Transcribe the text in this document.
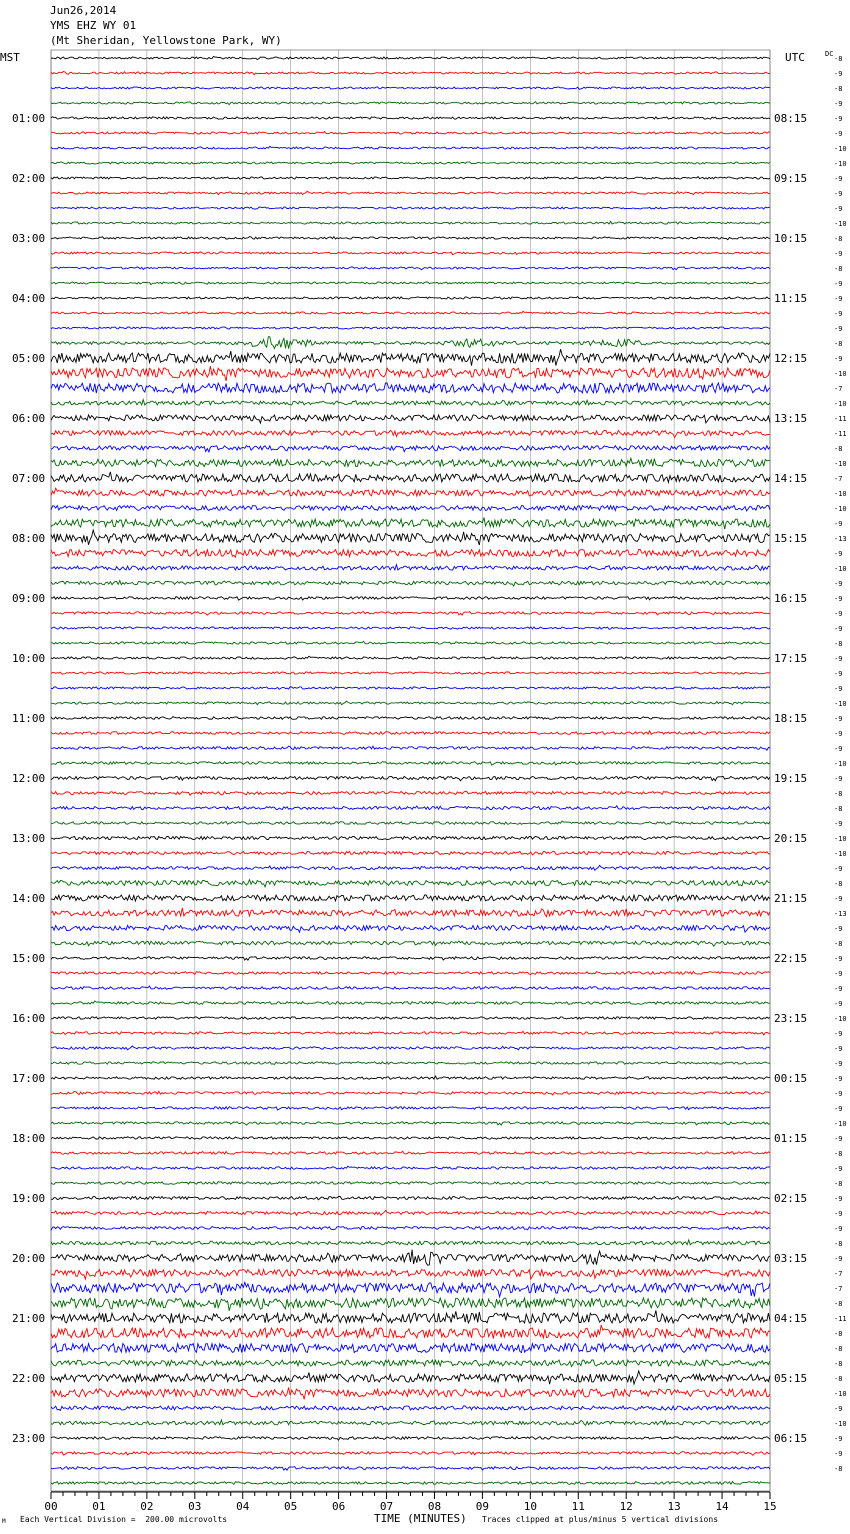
Jun26,2014
YMS EHZ WY 01
(Mt Sheridan, Yellowstone Park, WY)
MST	UTC	DC
01:00
02:00
03:00
04:00
05:00
06:00
07:00
08:00
09:00
10:00
11:00
12:00
13:00
14:00
15:00
16:00
17:00
18:00
19:00
20:00
21:00
22:00
23:00
08:15
09:15
10:15
11:15
12:15
13:15
14:15
15:15
16:15
17:15
18:15
19:15
20:15
21:15
22:15
23:15
00:15
01:15
02:15
03:15
04:15
05:15
06:15
-8
-9
-8
-9
-9
-9
-10
-10
-9
-9
-9
-10
-8
-9
-8
-9
-9
-9
-9
-8
-9
-10
-7
-10
-11
-11
-8
-10
-7
-10
-10
-9
-13
-9
-10
-9
-9
-9
-9
-8
-9
-9
-9
-10
-9
-9
-9
-10
-9
-8
-8
-9
-10
-10
-9
-8
-9
-13
-9
-8
-9
-9
-9
-9
-10
-9
-9
-9
-9
-9
-9
-10
-9
-8
-9
-8
-9
-9
-9
-8
-9
-7
-7
-8
-11
-8
-8
-8
-8
-10
-9
-10
-9
-9
-8
00	01	02	03	04	05	06	07	08	09	10	11	12	13	14	15
TIME (MINUTES)
M Each Vertical Division =  200.00 microvolts	Traces clipped at plus/minus 5 vertical divisions
